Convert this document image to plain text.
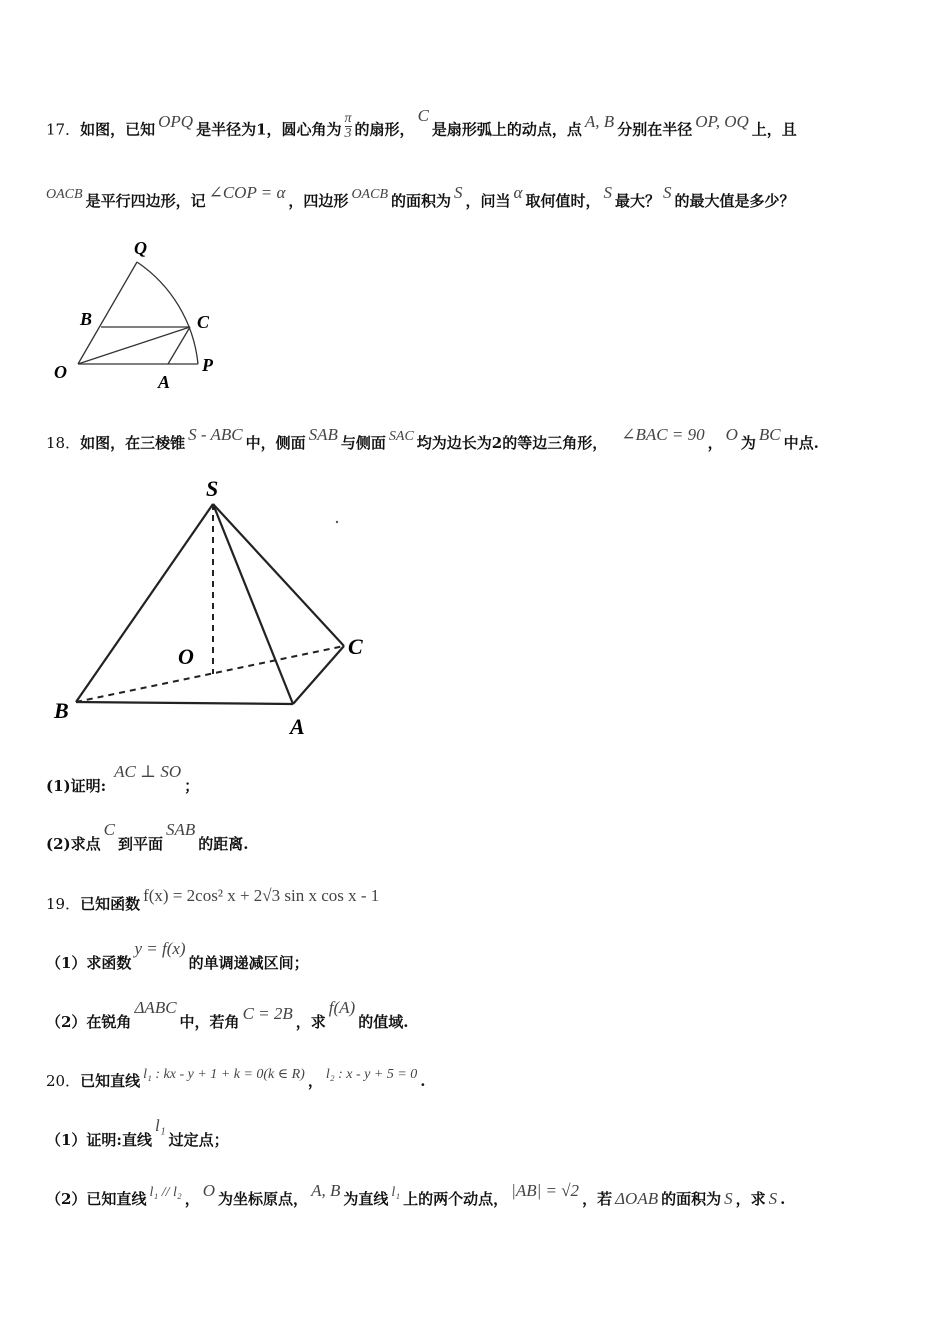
17．如图，已知 OPQ 是半径为1，圆心角为 $\frac{\pi}{3}$ 的扇形，C是扇形弧上的动点，点 A, B 分别在半径 OP, OQ 上，且
OACB 是平行四边形，记 ∠COP = α ，四边形 OACB 的面积为 S ，问当 α 取何值时， S 最大？ S 的最大值是多少？
Q
B	C
O	A
P
18．如图，在三棱锥 S - ABC 中，侧面 SAB 与侧面 SAC 均为边长为2的等边三角形， ∠BAC = 90 ， O 为 BC 中点.
S
O	C
B
A
(1)证明:AC ⊥ SO；
(2)求点C到平面SAB的距离.
19．已知函数 f(x) = 2cos² x + 2√3 sin x cos x - 1
（1）求函数y = f(x)的单调递减区间；
（2）在锐角ΔABC中，若角 C = 2B ，求f(A)的值域.
20．已知直线 l₁ : kx - y + 1 + k = 0(k ∈ R) ， l₂ : x - y + 5 = 0 .
（1）证明:直线l₁过定点；
（2）已知直线 l₁ // l₂ ， O 为坐标原点， A, B 为直线 l₁ 上的两个动点， |AB| = √2 ，若 ΔOAB 的面积为 S ，求 S .
